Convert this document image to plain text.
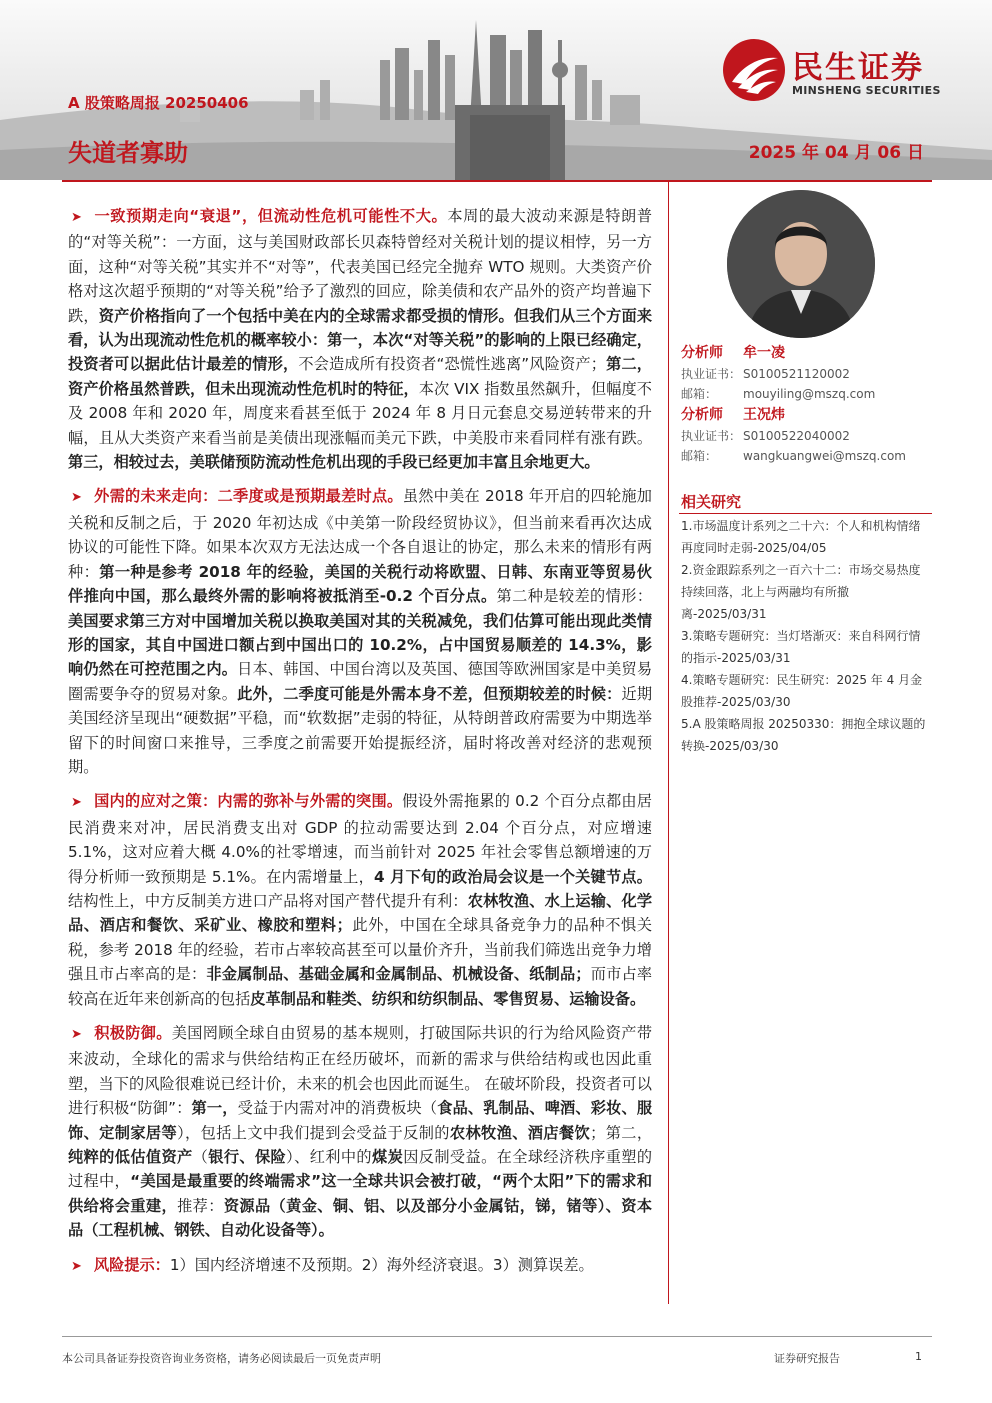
A 股策略周报 20250406
失道者寡助	2025 年 04 月 06 日
民生证券
MINSHENG SECURITIES

➤ 一致预期走向“衰退”，但流动性危机可能性不大。本周的最大波动来源是特朗普的“对等关税”：一方面，这与美国财政部长贝森特曾经对关税计划的提议相悖，另一方面，这种“对等关税”其实并不“对等”，代表美国已经完全抛弃 WTO 规则。大类资产价格对这次超乎预期的“对等关税”给予了激烈的回应，除美债和农产品外的资产均普遍下跌，资产价格指向了一个包括中美在内的全球需求都受损的情形。但我们从三个方面来看，认为出现流动性危机的概率较小：第一，本次“对等关税”的影响的上限已经确定，投资者可以据此估计最差的情形，不会造成所有投资者“恐慌性逃离”风险资产；第二，资产价格虽然普跌，但未出现流动性危机时的特征，本次 VIX 指数虽然飙升，但幅度不及 2008 年和 2020 年，周度来看甚至低于 2024 年 8 月日元套息交易逆转带来的升幅，且从大类资产来看当前是美债出现涨幅而美元下跌，中美股市来看同样有涨有跌。第三，相较过去，美联储预防流动性危机出现的手段已经更加丰富且余地更大。

➤ 外需的未来走向：二季度或是预期最差时点。虽然中美在 2018 年开启的四轮施加关税和反制之后，于 2020 年初达成《中美第一阶段经贸协议》，但当前来看再次达成协议的可能性下降。如果本次双方无法达成一个各自退让的协定，那么未来的情形有两种：第一种是参考 2018 年的经验，美国的关税行动将欧盟、日韩、东南亚等贸易伙伴推向中国，那么最终外需的影响将被抵消至-0.2 个百分点。第二种是较差的情形：美国要求第三方对中国增加关税以换取美国对其的关税减免，我们估算可能出现此类情形的国家，其自中国进口额占到中国出口的 10.2%，占中国贸易顺差的 14.3%，影响仍然在可控范围之内。日本、韩国、中国台湾以及英国、德国等欧洲国家是中美贸易圈需要争夺的贸易对象。此外，二季度可能是外需本身不差，但预期较差的时候：近期美国经济呈现出“硬数据”平稳，而“软数据”走弱的特征，从特朗普政府需要为中期选举留下的时间窗口来推导，三季度之前需要开始提振经济，届时将改善对经济的悲观预期。

➤ 国内的应对之策：内需的弥补与外需的突围。假设外需拖累的 0.2 个百分点都由居民消费来对冲，居民消费支出对 GDP 的拉动需要达到 2.04 个百分点，对应增速 5.1%，这对应着大概 4.0%的社零增速，而当前针对 2025 年社会零售总额增速的万得分析师一致预期是 5.1%。在内需增量上，4 月下旬的政治局会议是一个关键节点。结构性上，中方反制美方进口产品将对国产替代提升有利：农林牧渔、水上运输、化学品、酒店和餐饮、采矿业、橡胶和塑料；此外，中国在全球具备竞争力的品种不惧关税，参考 2018 年的经验，若市占率较高甚至可以量价齐升，当前我们筛选出竞争力增强且市占率高的是：非金属制品、基础金属和金属制品、机械设备、纸制品；而市占率较高在近年来创新高的包括皮革制品和鞋类、纺织和纺织制品、零售贸易、运输设备。

➤ 积极防御。美国罔顾全球自由贸易的基本规则，打破国际共识的行为给风险资产带来波动，全球化的需求与供给结构正在经历破坏，而新的需求与供给结构或也因此重塑，当下的风险很难说已经计价，未来的机会也因此而诞生。 在破坏阶段，投资者可以进行积极“防御”：第一，受益于内需对冲的消费板块（食品、乳制品、啤酒、彩妆、服饰、定制家居等），包括上文中我们提到会受益于反制的农林牧渔、酒店餐饮；第二，纯粹的低估值资产（银行、保险）、红利中的煤炭因反制受益。在全球经济秩序重塑的过程中，“美国是最重要的终端需求”这一全球共识会被打破，“两个太阳”下的需求和供给将会重建，推荐：资源品（黄金、铜、铝、以及部分小金属钴，锑，锗等）、资本品（工程机械、钢铁、自动化设备等）。

➤ 风险提示：1）国内经济增速不及预期。2）海外经济衰退。3）测算误差。

分析师 牟一凌
执业证书： S0100521120002
邮箱： mouyiling@mszq.com
分析师 王况炜
执业证书： S0100522040002
邮箱： wangkuangwei@mszq.com
相关研究
1.市场温度计系列之二十六：个人和机构情绪再度同时走弱-2025/04/05
2.资金跟踪系列之一百六十二：市场交易热度持续回落，北上与两融均有所撤离-2025/03/31
3.策略专题研究：当灯塔渐灭：来自科网行情的指示-2025/03/31
4.策略专题研究：民生研究：2025 年 4 月金股推荐-2025/03/30
5.A 股策略周报 20250330：拥抱全球议题的转换-2025/03/30
本公司具备证券投资咨询业务资格，请务必阅读最后一页免责声明	证券研究报告	1
